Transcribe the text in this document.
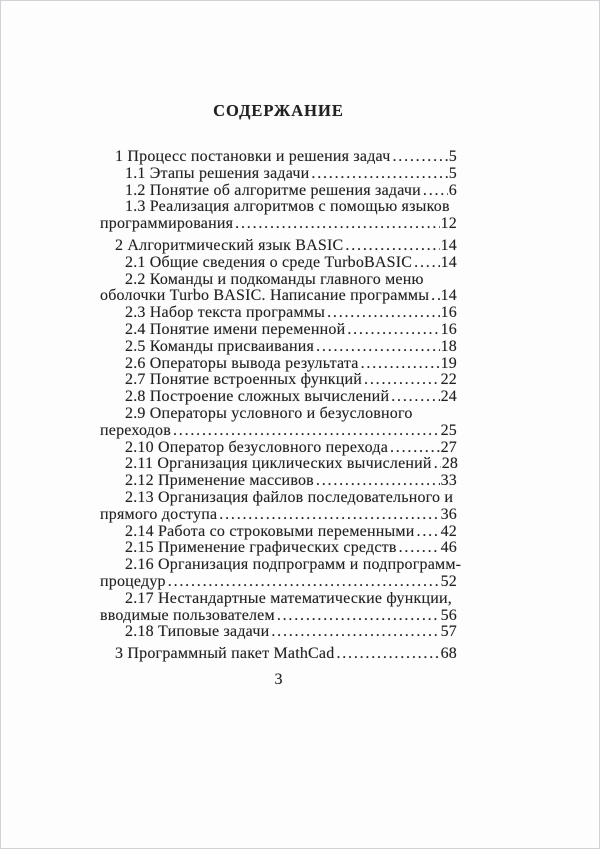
СОДЕРЖАНИЕ
1 Процесс постановки и решения задач .....	5
1.1 Этапы решения задачи .....	5
1.2 Понятие об алгоритме решения задачи ..... 6
1.3 Реализация алгоритмов с помощью языков
программирования .....	12
2 Алгоритмический язык BASIC .....	14
2.1 Общие сведения о среде TurboBASIC ..... 14
2.2 Команды и подкоманды главного меню
оболочки Turbo BASIC. Написание программы ..... 14
2.3 Набор текста программы .....	16
2.4 Понятие имени переменной .....	16
2.5 Команды присваивания .....	18
2.6 Операторы вывода результата .....	19
2.7 Понятие встроенных функций .....	22
2.8 Построение сложных вычислений .....	24
2.9 Операторы условного и безусловного
переходов .....	25
2.10 Оператор безусловного перехода .....	27
2.11 Организация циклических вычислений ..... 28
2.12 Применение массивов .....	33
2.13 Организация файлов последовательного и
прямого доступа .....	36
2.14 Работа со строковыми переменными ..... 42
2.15 Применение графических средств .....	46
2.16 Организация подпрограмм и подпрограмм-
процедур .....	52
2.17 Нестандартные математические функции,
вводимые пользователем .....	56
2.18 Типовые задачи .....	57
3 Программный пакет MathCad .....	68
3
